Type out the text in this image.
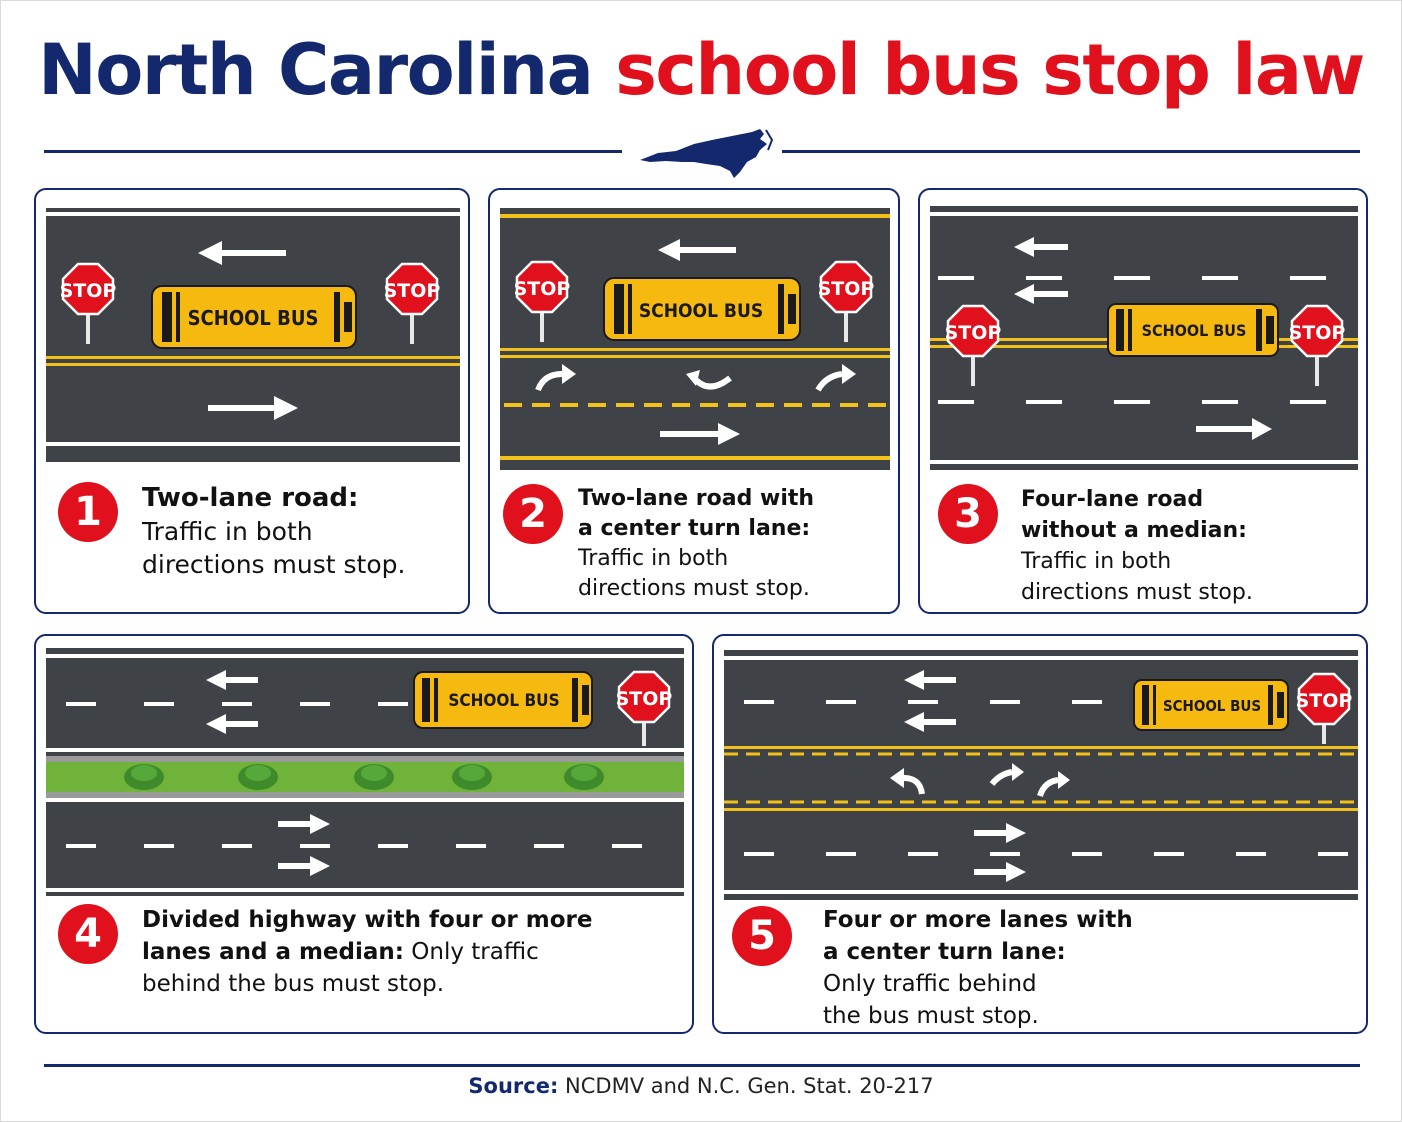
North Carolina school bus stop law
SCHOOL BUS
STOP	STOP
1	Two-lane road:
Traffic in both
directions must stop.
SCHOOL BUS
STOP	STOP
2	Two-lane road with
a center turn lane:
Traffic in both
directions must stop.
SCHOOL BUS
STOP	STOP
3	Four-lane road
without a median:
Traffic in both
directions must stop.
SCHOOL BUS	STOP
4	Divided highway with four or more
lanes and a median: Only traffic
behind the bus must stop.
SCHOOL BUS STOP
5	Four or more lanes with
a center turn lane:
Only traffic behind
the bus must stop.
Source: NCDMV and N.C. Gen. Stat. 20-217
